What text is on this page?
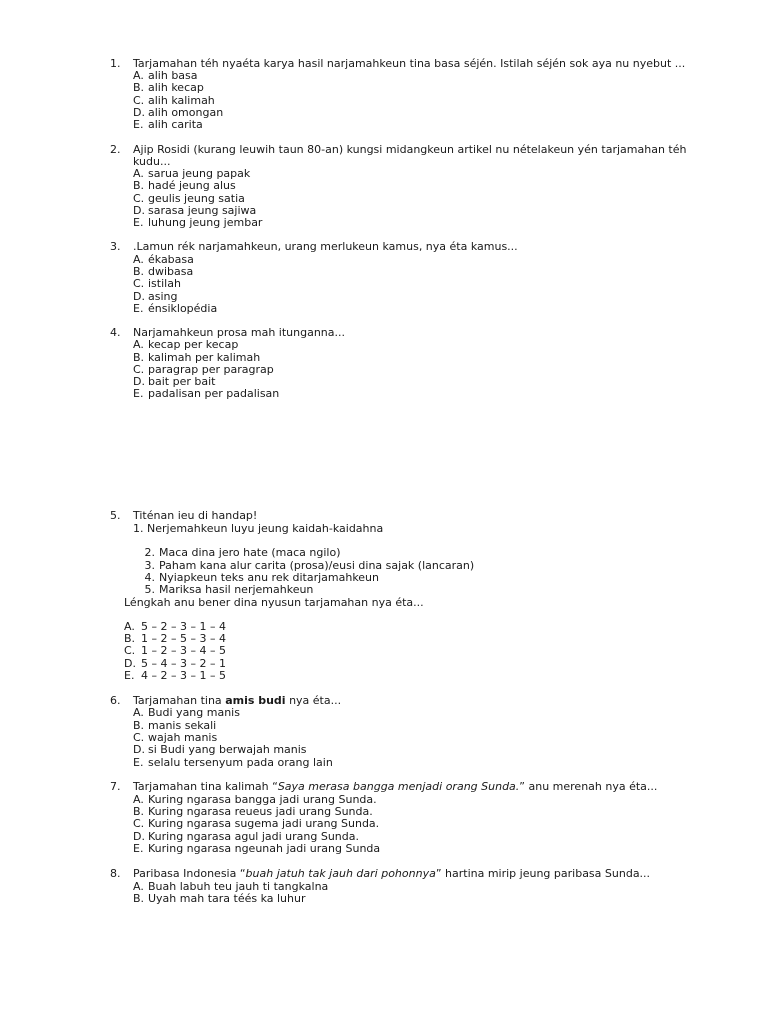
1. Tarjamahan téh nyaéta karya hasil narjamahkeun tina basa séjén. Istilah séjén sok aya nu nyebut ...
A. alih basa
B. alih kecap
C. alih kalimah
D. alih omongan
E. alih carita
2. Ajip Rosidi (kurang leuwih taun 80-an) kungsi midangkeun artikel nu nételakeun yén tarjamahan téh
kudu...
A. sarua jeung papak
B. hadé jeung alus
C. geulis jeung satia
D. sarasa jeung sajiwa
E. luhung jeung jembar
3. .Lamun rék narjamahkeun, urang merlukeun kamus, nya éta kamus...
A. ékabasa
B. dwibasa
C. istilah
D. asing
E. énsiklopédia
4. Narjamahkeun prosa mah itunganna...
A. kecap per kecap
B. kalimah per kalimah
C. paragrap per paragrap
D. bait per bait
E. padalisan per padalisan
5. Titénan ieu di handap!
1. Nerjemahkeun luyu jeung kaidah-kaidahna
2. Maca dina jero hate (maca ngilo)
3. Paham kana alur carita (prosa)/eusi dina sajak (lancaran)
4. Nyiapkeun teks anu rek ditarjamahkeun
5. Mariksa hasil nerjemahkeun
Léngkah anu bener dina nyusun tarjamahan nya éta...
A. 5 – 2 – 3 – 1 – 4
B. 1 – 2 – 5 – 3 – 4
C. 1 – 2 – 3 – 4 – 5
D. 5 – 4 – 3 – 2 – 1
E. 4 – 2 – 3 – 1 – 5
6. Tarjamahan tina amis budi nya éta...
A. Budi yang manis
B. manis sekali
C. wajah manis
D. si Budi yang berwajah manis
E. selalu tersenyum pada orang lain
7. Tarjamahan tina kalimah “Saya merasa bangga menjadi orang Sunda.” anu merenah nya éta...
A. Kuring ngarasa bangga jadi urang Sunda.
B. Kuring ngarasa reueus jadi urang Sunda.
C. Kuring ngarasa sugema jadi urang Sunda.
D. Kuring ngarasa agul jadi urang Sunda.
E. Kuring ngarasa ngeunah jadi urang Sunda
8. Paribasa Indonesia “buah jatuh tak jauh dari pohonnya” hartina mirip jeung paribasa Sunda...
A. Buah labuh teu jauh ti tangkalna
B. Uyah mah tara téés ka luhur
